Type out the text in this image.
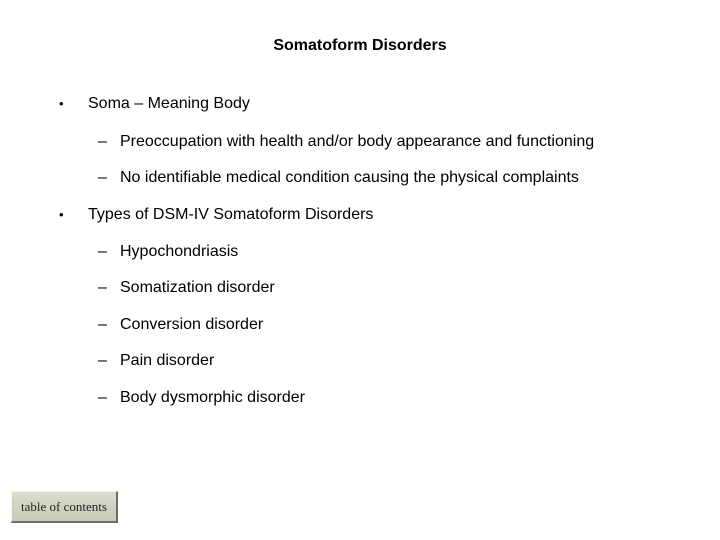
Somatoform Disorders
• Soma – Meaning Body
– Preoccupation with health and/or body appearance and functioning
– No identifiable medical condition causing the physical complaints
• Types of DSM-IV Somatoform Disorders
– Hypochondriasis
– Somatization disorder
– Conversion disorder
– Pain disorder
– Body dysmorphic disorder
table of contents
